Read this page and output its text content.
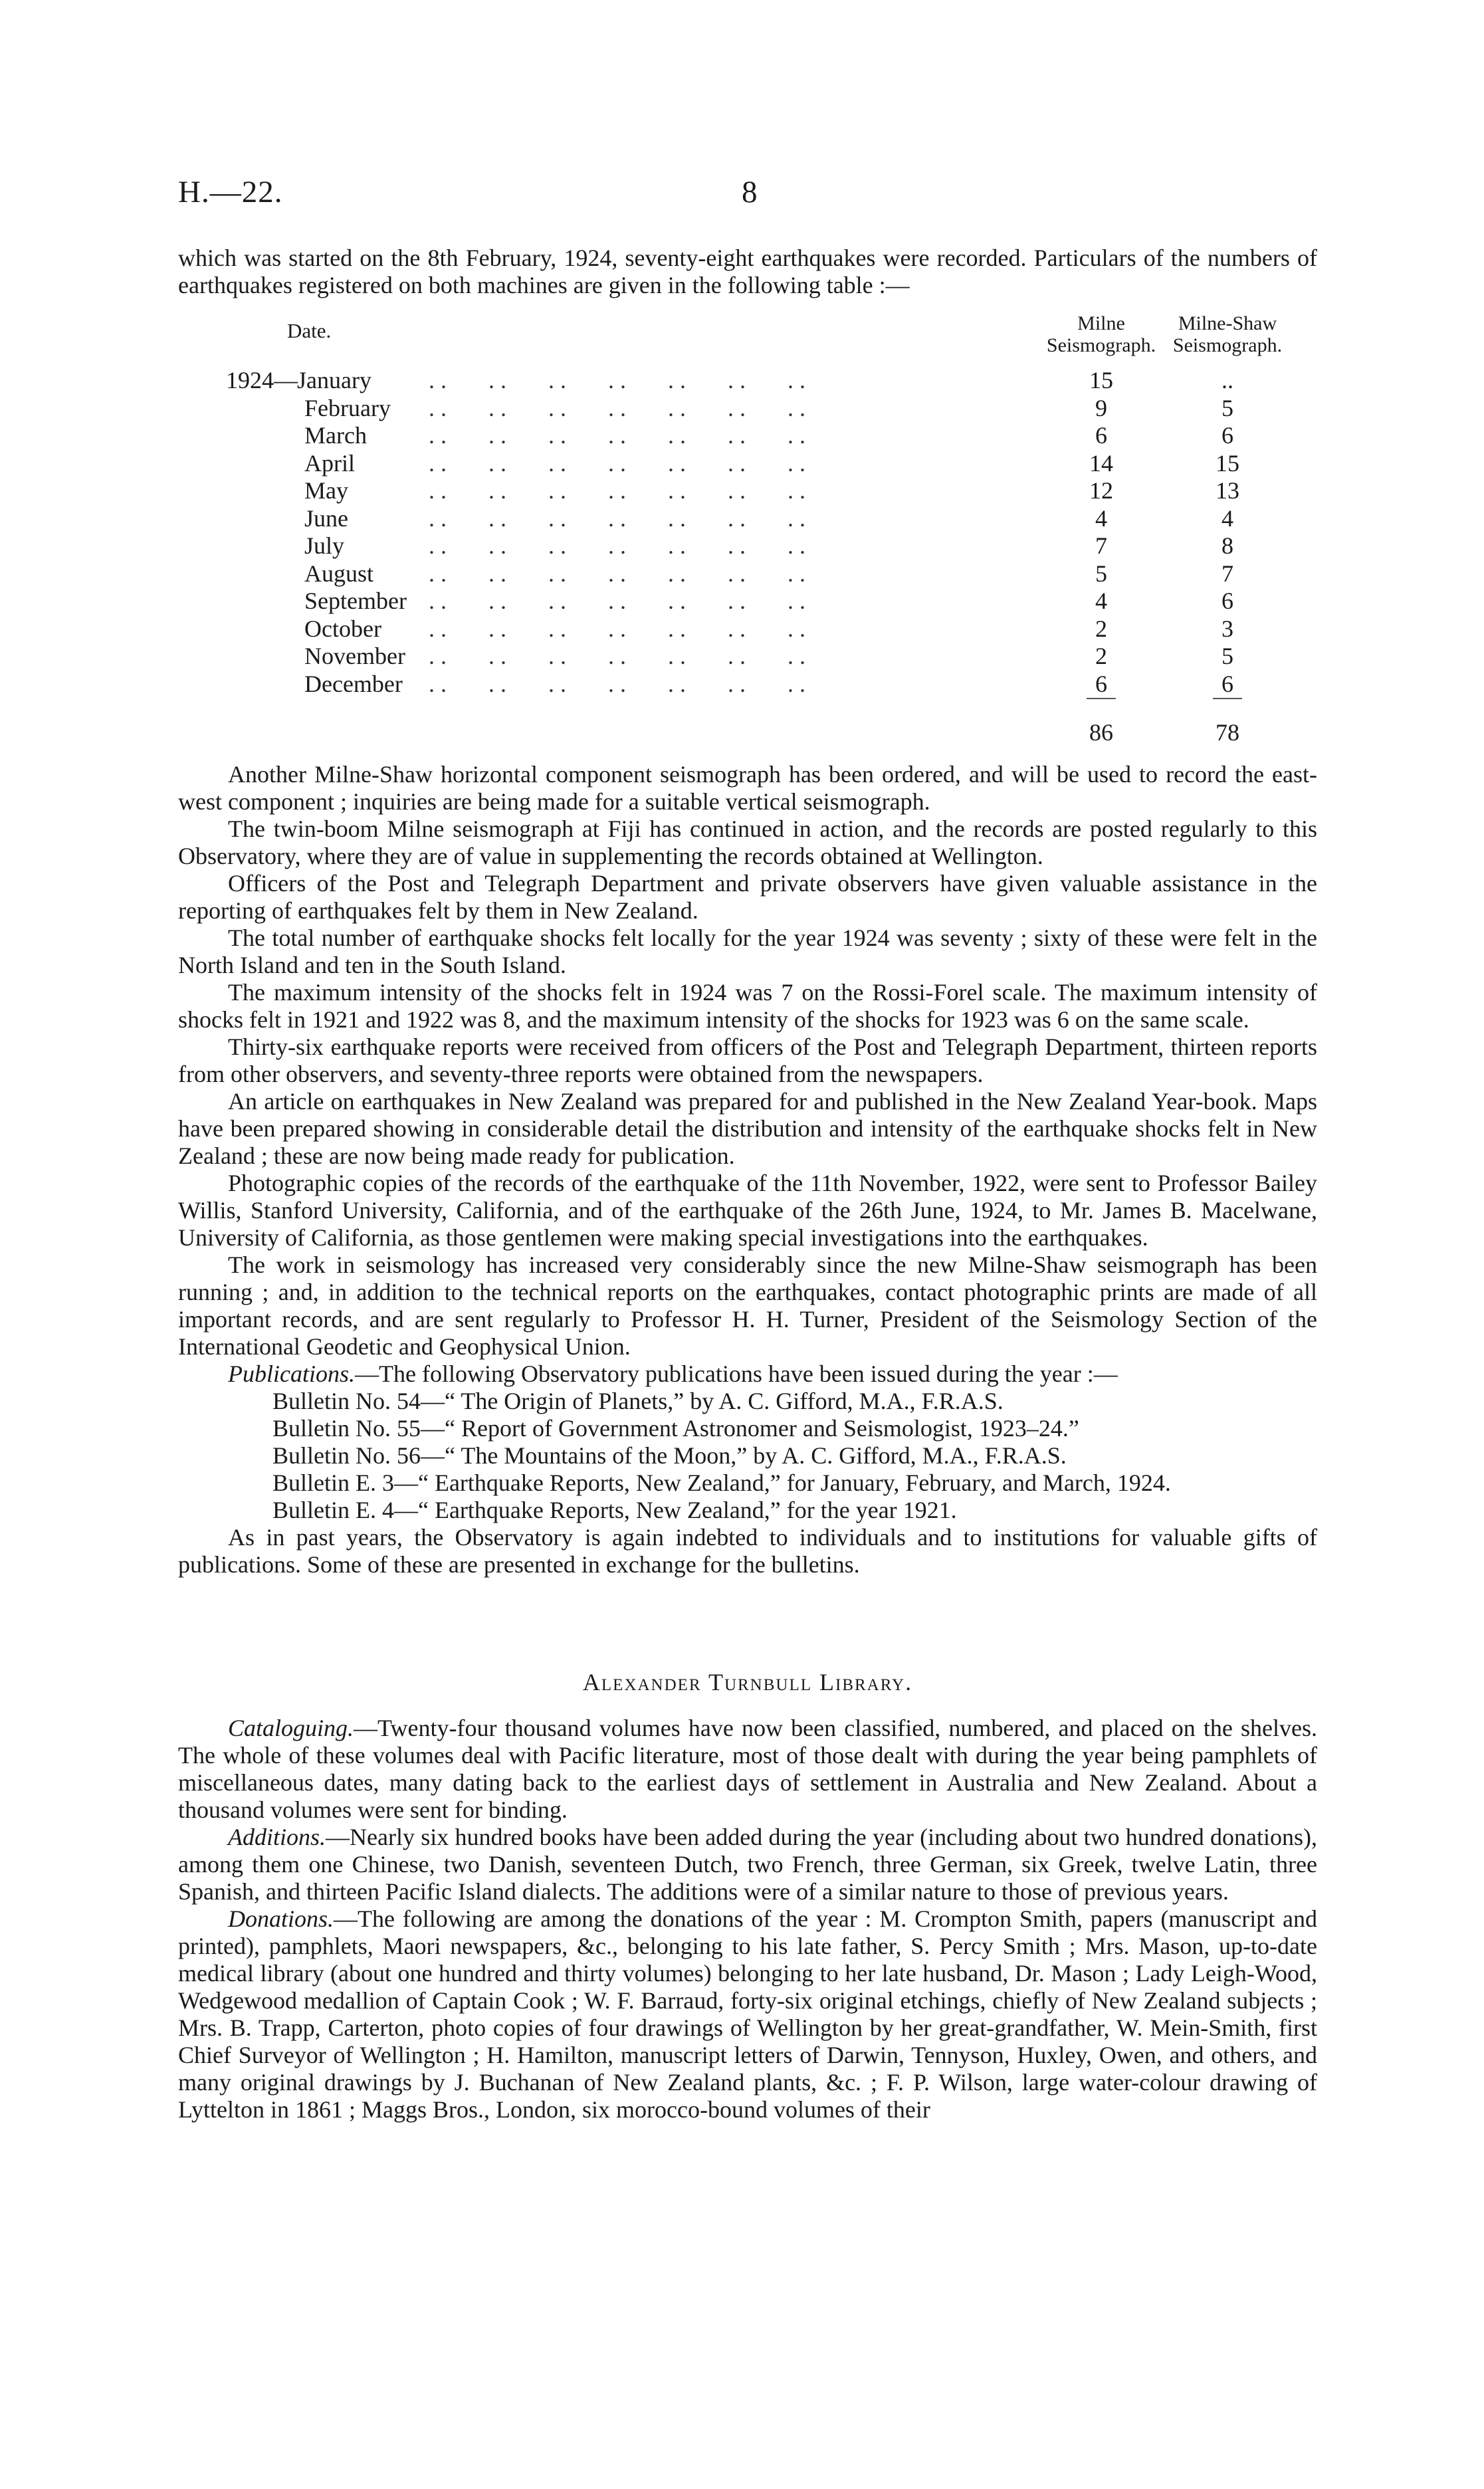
H.—22.	8

which was started on the 8th February, 1924, seventy-eight earthquakes were recorded. Particulars of the numbers of earthquakes registered on both machines are given in the following table :—

Date.	Milne
Seismograph.
Milne-Shaw
Seismograph.
1924— January . .       . .       . .       . .       . .       . .       . .	15	..
February . .       . .       . .       . .       . .       . .       . .	9	5
March	. .       . .       . .       . .       . .       . .       . .	6	6
April	. .       . .       . .       . .       . .       . .       . .	14	15
May	. .       . .       . .       . .       . .       . .       . .	12	13
June	. .       . .       . .       . .       . .       . .       . .	4	4
July	. .       . .       . .       . .       . .       . .       . .	7	8
August . .       . .       . .       . .       . .       . .       . .	5	7
September . .       . .       . .       . .       . .       . .       . .	4	6
October . .       . .       . .       . .       . .       . .       . .	2	3
November . .       . .       . .       . .       . .       . .       . .	2	5
December . .       . .       . .       . .       . .       . .       . .	6	6
86	78

Another Milne-Shaw horizontal component seismograph has been ordered, and will be used to record the east-west component ; inquiries are being made for a suitable vertical seismograph.

The twin-boom Milne seismograph at Fiji has continued in action, and the records are posted regularly to this Observatory, where they are of value in supplementing the records obtained at Wellington.

Officers of the Post and Telegraph Department and private observers have given valuable assistance in the reporting of earthquakes felt by them in New Zealand.

The total number of earthquake shocks felt locally for the year 1924 was seventy ; sixty of these were felt in the North Island and ten in the South Island.

The maximum intensity of the shocks felt in 1924 was 7 on the Rossi-Forel scale. The maximum intensity of shocks felt in 1921 and 1922 was 8, and the maximum intensity of the shocks for 1923 was 6 on the same scale.

Thirty-six earthquake reports were received from officers of the Post and Telegraph Department, thirteen reports from other observers, and seventy-three reports were obtained from the newspapers.

An article on earthquakes in New Zealand was prepared for and published in the New Zealand Year-book. Maps have been prepared showing in considerable detail the distribution and intensity of the earthquake shocks felt in New Zealand ; these are now being made ready for publication.

Photographic copies of the records of the earthquake of the 11th November, 1922, were sent to Professor Bailey Willis, Stanford University, California, and of the earthquake of the 26th June, 1924, to Mr. James B. Macelwane, University of California, as those gentlemen were making special investigations into the earthquakes.

The work in seismology has increased very considerably since the new Milne-Shaw seismograph has been running ; and, in addition to the technical reports on the earthquakes, contact photographic prints are made of all important records, and are sent regularly to Professor H. H. Turner, President of the Seismology Section of the International Geodetic and Geophysical Union.

Publications.—The following Observatory publications have been issued during the year :—

Bulletin No. 54—“ The Origin of Planets,” by A. C. Gifford, M.A., F.R.A.S.

Bulletin No. 55—“ Report of Government Astronomer and Seismologist, 1923–24.”

Bulletin No. 56—“ The Mountains of the Moon,” by A. C. Gifford, M.A., F.R.A.S.

Bulletin E. 3—“ Earthquake Reports, New Zealand,” for January, February, and March, 1924.

Bulletin E. 4—“ Earthquake Reports, New Zealand,” for the year 1921.

As in past years, the Observatory is again indebted to individuals and to institutions for valuable gifts of publications. Some of these are presented in exchange for the bulletins.

Alexander Turnbull Library.

Cataloguing.—Twenty-four thousand volumes have now been classified, numbered, and placed on the shelves. The whole of these volumes deal with Pacific literature, most of those dealt with during the year being pamphlets of miscellaneous dates, many dating back to the earliest days of settlement in Australia and New Zealand. About a thousand volumes were sent for binding.

Additions.—Nearly six hundred books have been added during the year (including about two hundred donations), among them one Chinese, two Danish, seventeen Dutch, two French, three German, six Greek, twelve Latin, three Spanish, and thirteen Pacific Island dialects. The additions were of a similar nature to those of previous years.

Donations.—The following are among the donations of the year : M. Crompton Smith, papers (manuscript and printed), pamphlets, Maori newspapers, &c., belonging to his late father, S. Percy Smith ; Mrs. Mason, up-to-date medical library (about one hundred and thirty volumes) belonging to her late husband, Dr. Mason ; Lady Leigh-Wood, Wedgewood medallion of Captain Cook ; W. F. Barraud, forty-six original etchings, chiefly of New Zealand subjects ; Mrs. B. Trapp, Carterton, photo copies of four drawings of Wellington by her great-grandfather, W. Mein-Smith, first Chief Surveyor of Wellington ; H. Hamilton, manuscript letters of Darwin, Tennyson, Huxley, Owen, and others, and many original drawings by J. Buchanan of New Zealand plants, &c. ; F. P. Wilson, large water-colour drawing of Lyttelton in 1861 ; Maggs Bros., London, six morocco-bound volumes of their
